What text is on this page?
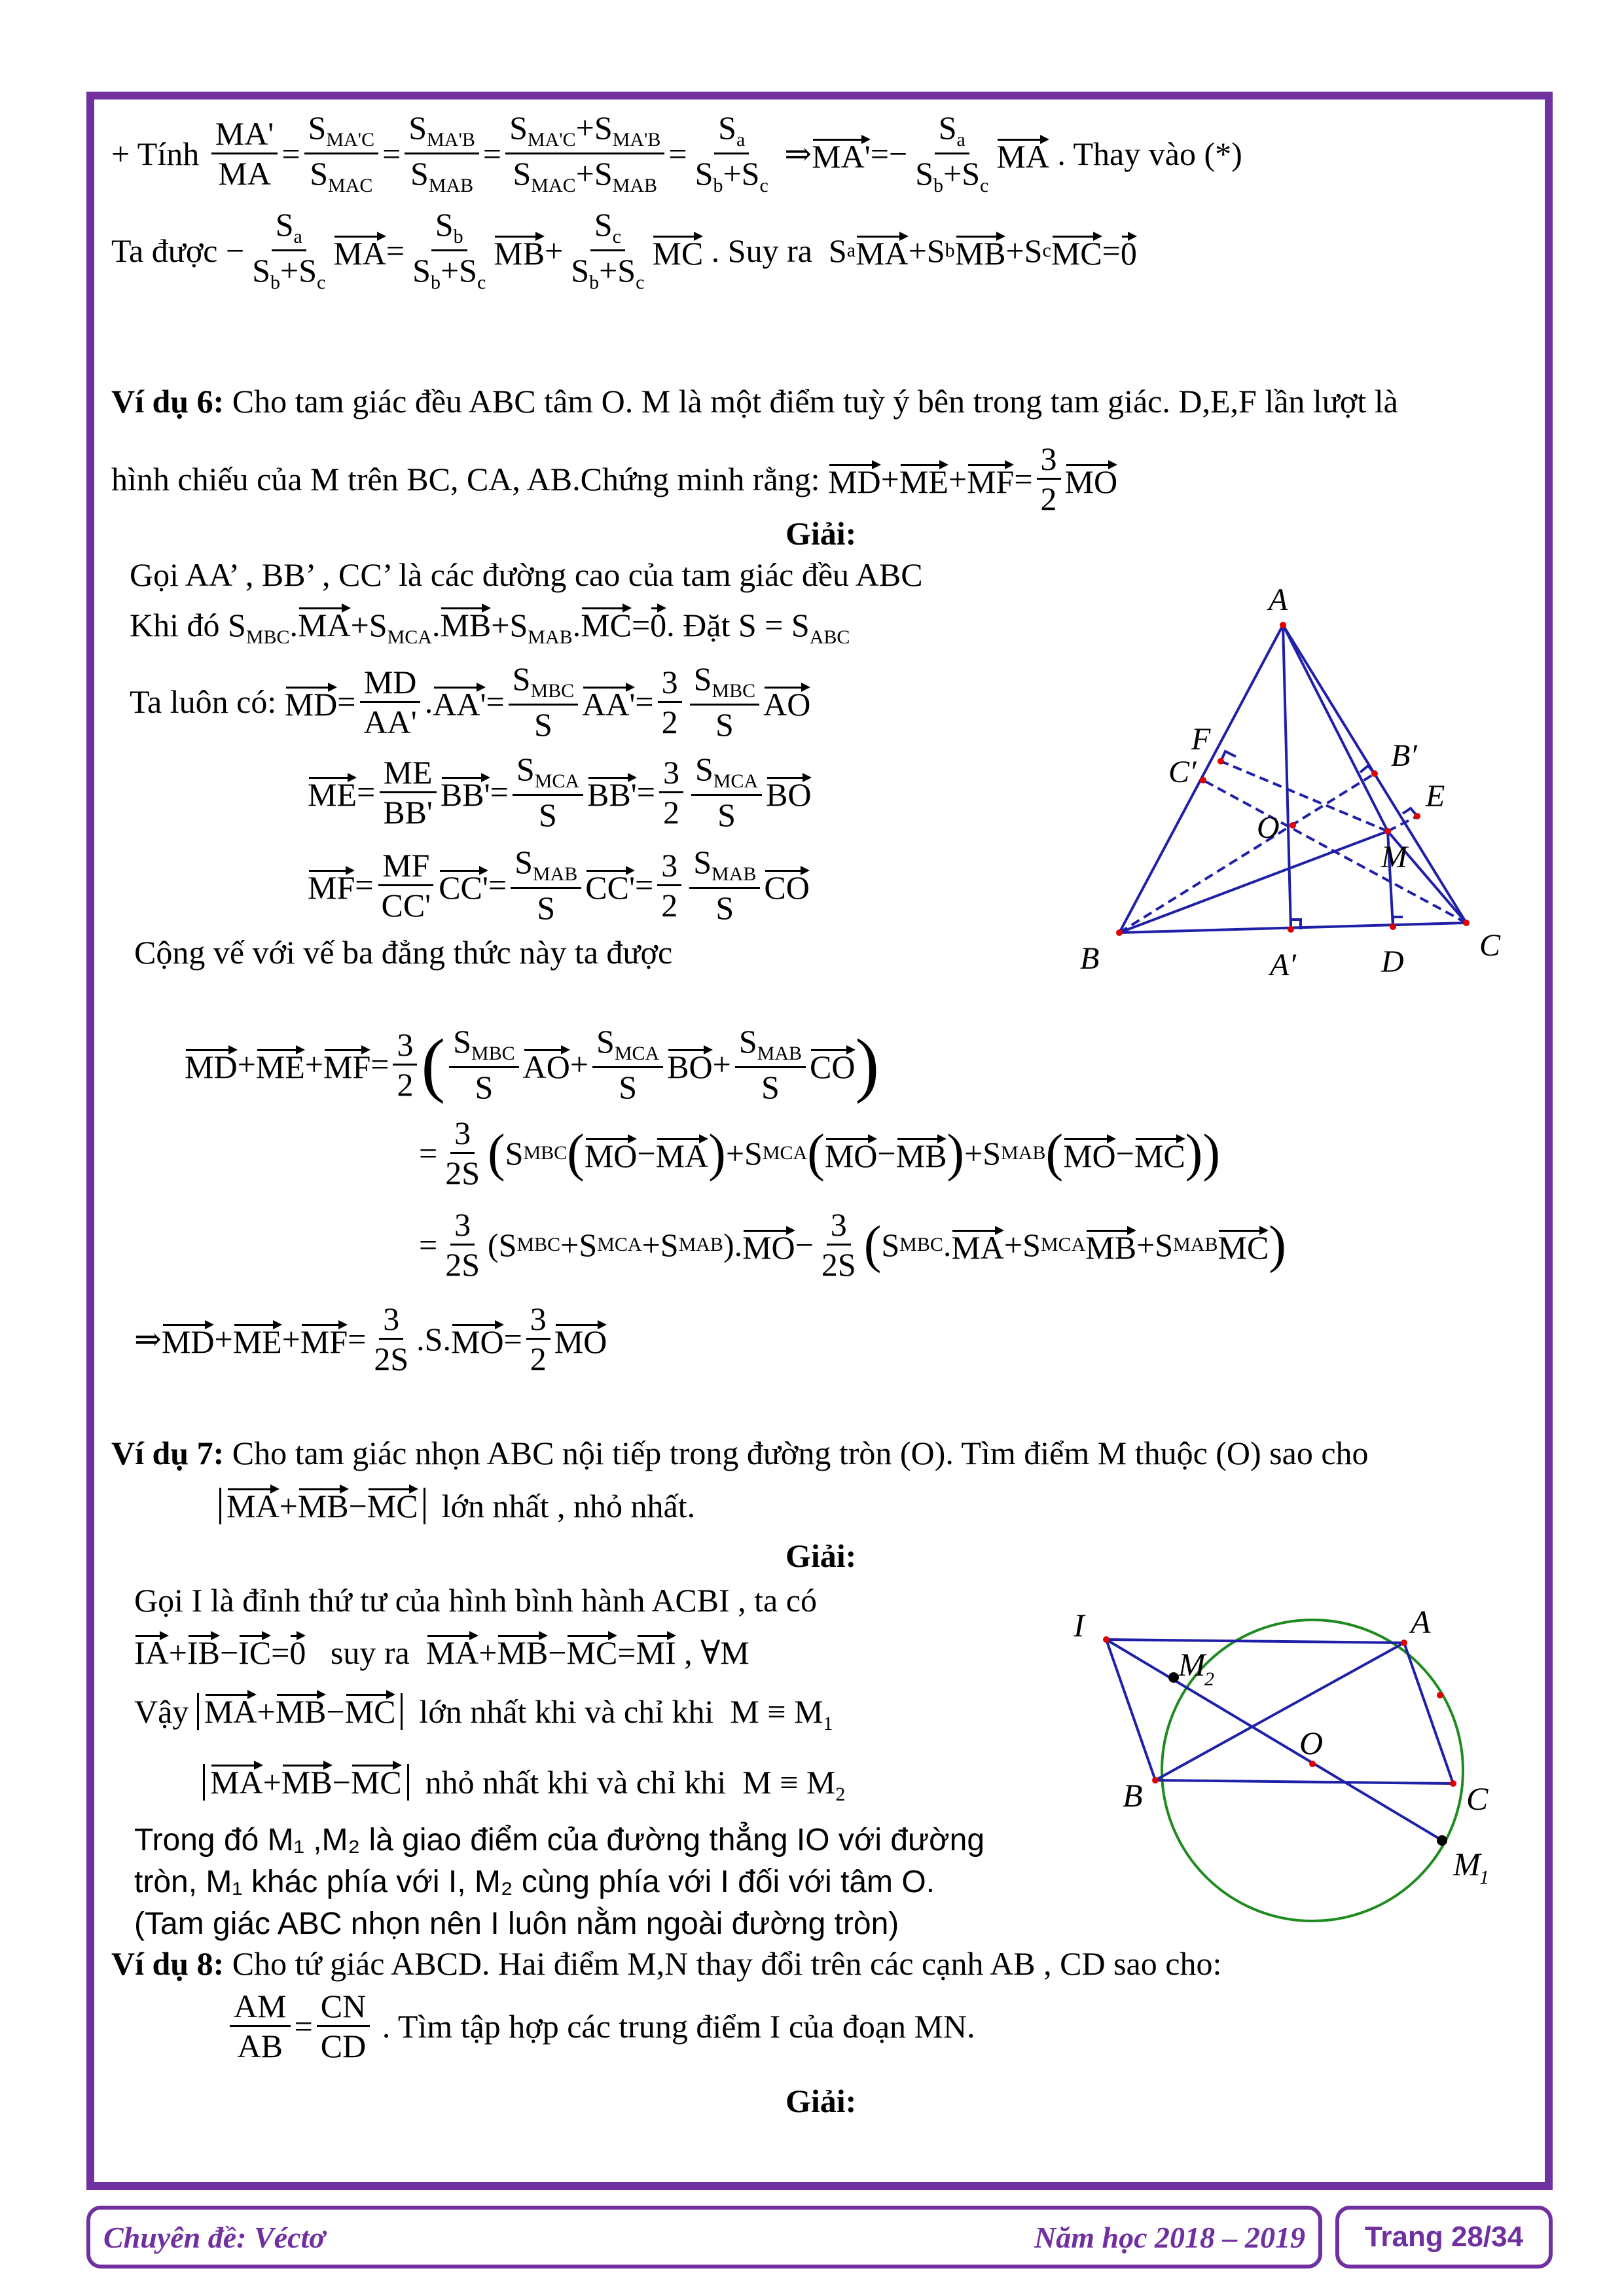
+ Tính
$\frac{MA'}{MA} = \frac{S_{MA'C}}{S_{MAC}} = \frac{S_{MA'B}}{S_{MAB}} = \frac{S_{MA'C}+S_{MA'B}}{S_{MAC}+S_{MAB}} = \frac{S_a}{S_b+S_c}$ ⇒ $MA' =- \frac{S_a}{S_b+S_c}$ MA
. Thay vào (*)
Ta được − $\frac{S_a}{S_b+S_c}$ MA = $\frac{S_b}{S_b+S_c}$ MB + $\frac{S_c}{S_b+S_c}$ MC
. Suy ra S a MA +S b MB +S c MC = 0
Ví dụ 6: Cho tam giác đều ABC tâm O. M là một điểm tuỳ ý bên trong tam giác. D,E,F lần lượt là
hình chiếu của M trên BC, CA, AB.Chứng minh rằng:
MD + ME + MF = $\frac{3}{2}$ MO
Giải:
Gọi AA’ , BB’ , CC’ là các đường cao của tam giác đều ABC
Khi đó $S_{MBC}.MA+S_{MCA}.MB+S_{MAB}.MC=0$. Đặt $S = S_{ABC}$
Ta luôn có:
MD = $\frac{MD}{AA'}$ . $AA' = \frac{S_{MBC}}{S} AA' = \frac{3}{2} \frac{S_{MBC}}{S}$ AO
ME = $\frac{ME}{BB'} BB' = \frac{S_{MCA}}{S} BB' = \frac{3}{2} \frac{S_{MCA}}{S}$ BO
MF = $\frac{MF}{CC'} CC' = \frac{S_{MAB}}{S} CC' = \frac{3}{2} \frac{S_{MAB}}{S}$ CO
Cộng vế với vế ba đẳng thức này ta được
MD + ME + MF = $\frac{3}{2}$ ( $\frac{S_{MBC}}{S}$ AO + $\frac{S_{MCA}}{S}$ BO + $\frac{S_{MAB}}{S}$ CO )
= $\frac{3}{2S}$ ( S MBC ( MO − MA ) +S MCA ( MO − MB ) +S MAB ( MO − MC ))
= $\frac{3}{2S} (S$ MBC +S MCA +S MAB ). MO − $\frac{3}{2S}$ ( S MBC . MA +S MCA MB +S MAB MC )
⇒ MD + ME + MF = $\frac{3}{2S} .S$. MO = $\frac{3}{2}$ MO
A
B	C
D
E
F
M
O
A′
B′
C′
Ví dụ 7: Cho tam giác nhọn ABC nội tiếp trong đường tròn (O). Tìm điểm M thuộc (O) sao cho
MA+MB−MC lớn nhất , nhỏ nhất.
Giải:
Gọi I là đỉnh thứ tư của hình bình hành ACBI , ta có
IA+IB−IC=0 suy ra MA+MB−MC=MI , ∀M
Vậy MA+MB−MC lớn nhất khi và chỉ khi  $M \equiv M_1$
MA+MB−MC nhỏ nhất khi và chỉ khi  $M \equiv M_2$
Trong đó M₁ ,M₂ là giao điểm của đường thẳng IO với đường
tròn, M₁ khác phía với I, M₂ cùng phía với I đối với tâm O.
(Tam giác ABC nhọn nên I luôn nằm ngoài đường tròn)
I	A
B	C
O
M
2
M
1
Ví dụ 8: Cho tứ giác ABCD. Hai điểm M,N thay đổi trên các cạnh AB , CD sao cho:
$\frac{AM}{AB} = \frac{CN}{CD}$
. Tìm tập hợp các trung điểm I của đoạn MN.
Giải:
Chuyên đề: Véctơ	Năm học 2018 – 2019 Trang 28/34
